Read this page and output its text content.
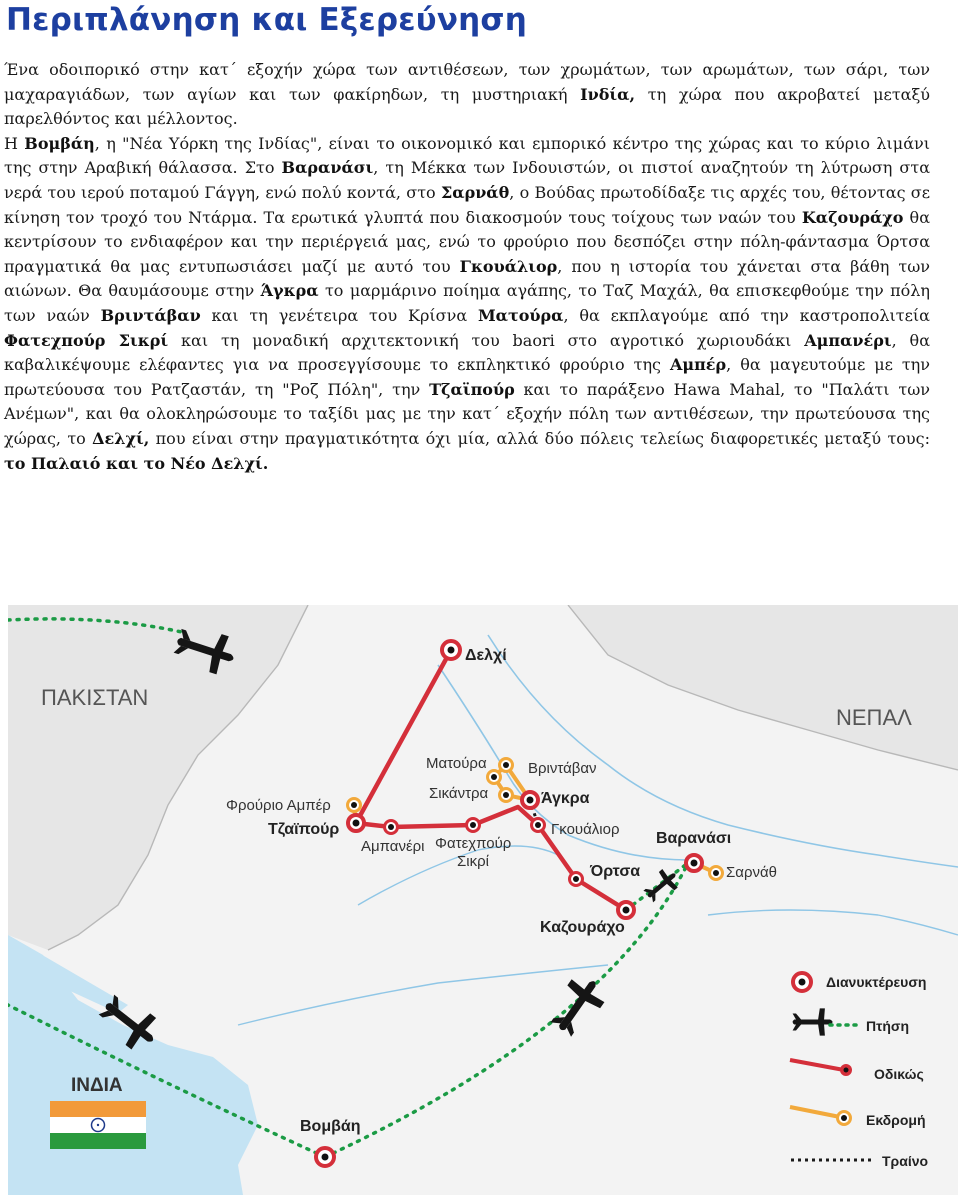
Περιπλάνηση και Εξερεύνηση

Ένα οδοιπορικό στην κατ΄ εξοχήν χώρα των αντιθέσεων, των χρωμάτων, των αρωμάτων, των σάρι, των μαχαραγιάδων, των αγίων και των φακίρηδων, τη μυστηριακή Ινδία, τη χώρα που ακροβατεί μεταξύ παρελθόντος και μέλλοντος.

Η Βομβάη, η "Νέα Υόρκη της Ινδίας", είναι το οικονομικό και εμπορικό κέντρο της χώρας και το κύριο λιμάνι της στην Αραβική θάλασσα. Στο Βαρανάσι, τη Μέκκα των Ινδουιστών, οι πιστοί αναζητούν τη λύτρωση στα νερά του ιερού ποταμού Γάγγη, ενώ πολύ κοντά, στο Σαρνάθ, ο Βούδας πρωτοδίδαξε τις αρχές του, θέτοντας σε κίνηση τον τροχό του Ντάρμα. Τα ερωτικά γλυπτά που διακοσμούν τους τοίχους των ναών του Καζουράχο θα κεντρίσουν το ενδιαφέρον και την περιέργειά μας, ενώ το φρούριο που δεσπόζει στην πόλη-φάντασμα Όρτσα πραγματικά θα μας εντυπωσιάσει μαζί με αυτό του Γκουάλιορ, που η ιστορία του χάνεται στα βάθη των αιώνων. Θα θαυμάσουμε στην Άγκρα το μαρμάρινο ποίημα αγάπης, το Ταζ Μαχάλ, θα επισκεφθούμε την πόλη των ναών Βριντάβαν και τη γενέτειρα του Κρίσνα Ματούρα, θα εκπλαγούμε από την καστροπολιτεία Φατεχπούρ Σικρί και τη μοναδική αρχιτεκτονική του baori στο αγροτικό χωριουδάκι Αμπανέρι, θα καβαλικέψουμε ελέφαντες για να προσεγγίσουμε το εκπληκτικό φρούριο της Αμπέρ, θα μαγευτούμε με την πρωτεύουσα του Ρατζαστάν, τη "Ροζ Πόλη", την Τζαϊπούρ και το παράξενο Hawa Mahal, το "Παλάτι των Ανέμων", και θα ολοκληρώσουμε το ταξίδι μας με την κατ΄ εξοχήν πόλη των αντιθέσεων, την πρωτεύουσα της χώρας, το Δελχί, που είναι στην πραγματικότητα όχι μία, αλλά δύο πόλεις τελείως διαφορετικές μεταξύ τους: το Παλαιό και το Νέο Δελχί.

ΠΑΚΙΣΤΑΝ
ΝΕΠΑΛ
ΙΝΔΙΑ
Δελχί
Ματούρα	Βριντάβαν
Σικάντρα	Άγκρα
Φρούριο Αμπέρ
Τζαϊπούρ
Αμπανέρι Φατεχπούρ
Σικρί
Γκουάλιορ
Όρτσα
Καζουράχο
Βαρανάσι
Σαρνάθ
Βομβάη
Διανυκτέρευση
Πτήση
Οδικώς
Εκδρομή
Τραίνο
